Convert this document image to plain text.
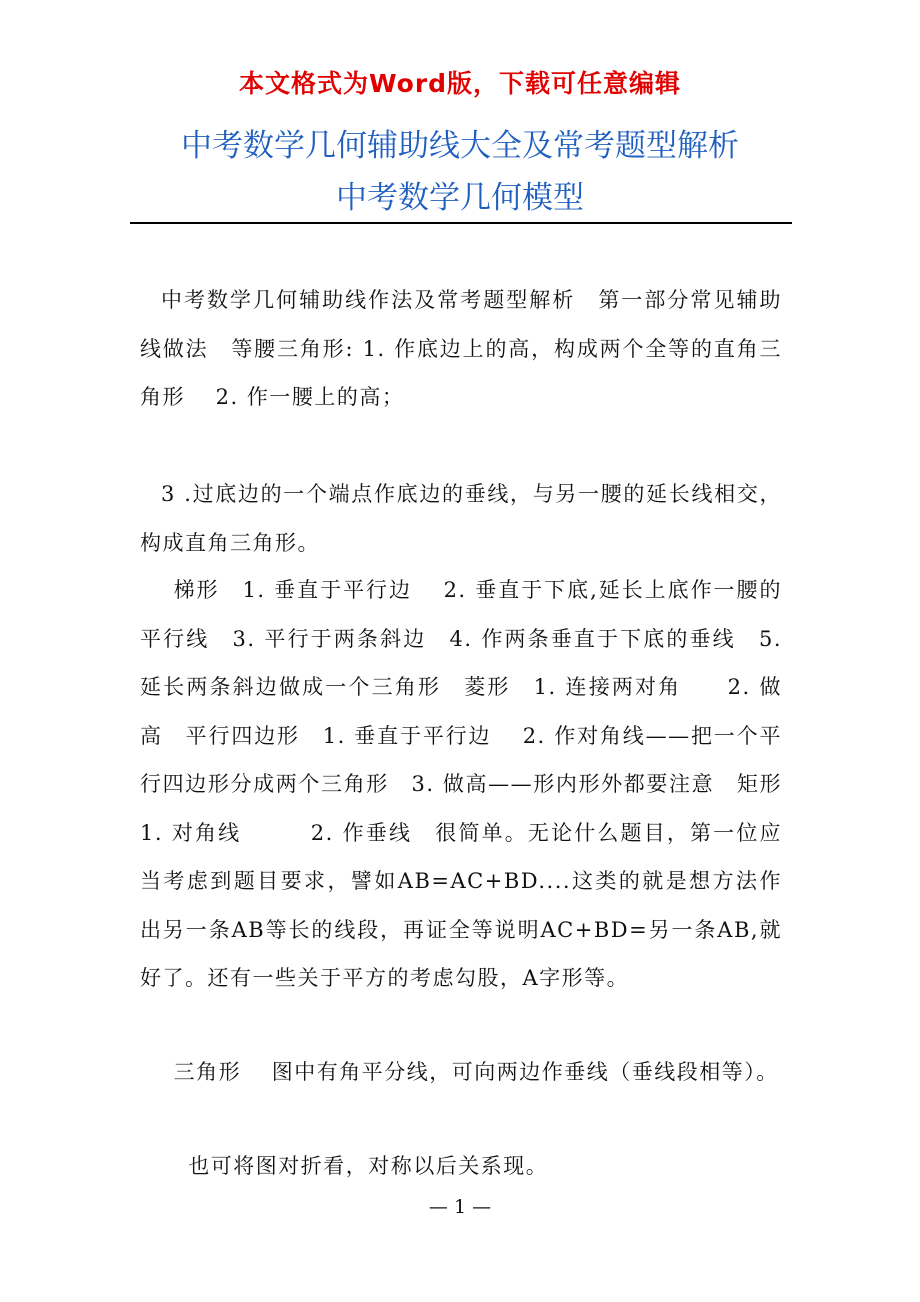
本文格式为Word版，下载可任意编辑
中考数学几何辅助线大全及常考题型解析
中考数学几何模型

中考数学几何辅助线作法及常考题型解析　第一部分常见辅助线做法　等腰三角形: 1. 作底边上的高，构成两个全等的直角三角形　 2. 作一腰上的高；

3 .过底边的一个端点作底边的垂线，与另一腰的延长线相交，构成直角三角形。

梯形　1. 垂直于平行边　 2. 垂直于下底,延长上底作一腰的平行线　3. 平行于两条斜边　4. 作两条垂直于下底的垂线　5. 延长两条斜边做成一个三角形　菱形　1. 连接两对角　　2. 做高　平行四边形　1. 垂直于平行边　 2. 作对角线——把一个平行四边形分成两个三角形　3. 做高——形内形外都要注意　矩形　1. 对角线　　　2. 作垂线　很简单。无论什么题目，第一位应当考虑到题目要求，譬如AB=AC+BD....这类的就是想方法作出另一条AB等长的线段，再证全等说明AC+BD=另一条AB,就好了。还有一些关于平方的考虑勾股，A字形等。

三角形　 图中有角平分线，可向两边作垂线（垂线段相等）。

也可将图对折看，对称以后关系现。

— 1 —
